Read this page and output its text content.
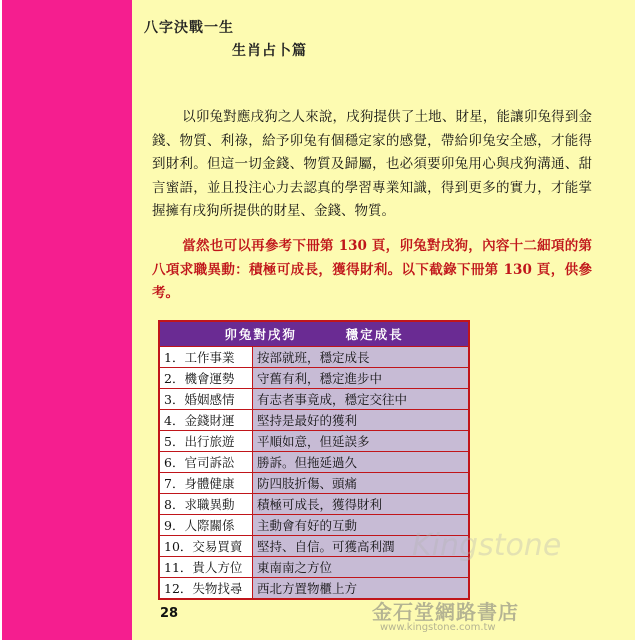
八字決戰一生
生肖占卜篇
以卯兔對應戌狗之人來說，戌狗提供了土地、財星，能讓卯兔得到金錢、物質、利祿，給予卯兔有個穩定家的感覺，帶給卯兔安全感，才能得到財利。但這一切金錢、物質及歸屬，也必須要卯兔用心與戌狗溝通、甜言蜜語，並且投注心力去認真的學習專業知識，得到更多的實力，才能掌握擁有戌狗所提供的財星、金錢、物質。
當然也可以再參考下冊第 130 頁，卯兔對戌狗，內容十二細項的第八項求職異動：積極可成長，獲得財利。以下截錄下冊第 130 頁，供參考。
卯兔對戌狗 穩定成長	
1．工作事業	按部就班，穩定成長
2．機會運勢	守舊有利，穩定進步中
3．婚姻感情	有志者事竟成，穩定交往中
4．金錢財運	堅持是最好的獲利
5．出行旅遊	平順如意，但延誤多
6．官司訴訟	勝訴。但拖延過久
7．身體健康	防四肢折傷、頭痛
8．求職異動	積極可成長，獲得財利
9．人際關係	主動會有好的互動
10．交易買賣	堅持、自信。可獲高利潤
11．貴人方位	東南南之方位
12．失物找尋	西北方置物櫃上方
Kingstone
28	金石堂網路書店
www.kingstone.com.tw
